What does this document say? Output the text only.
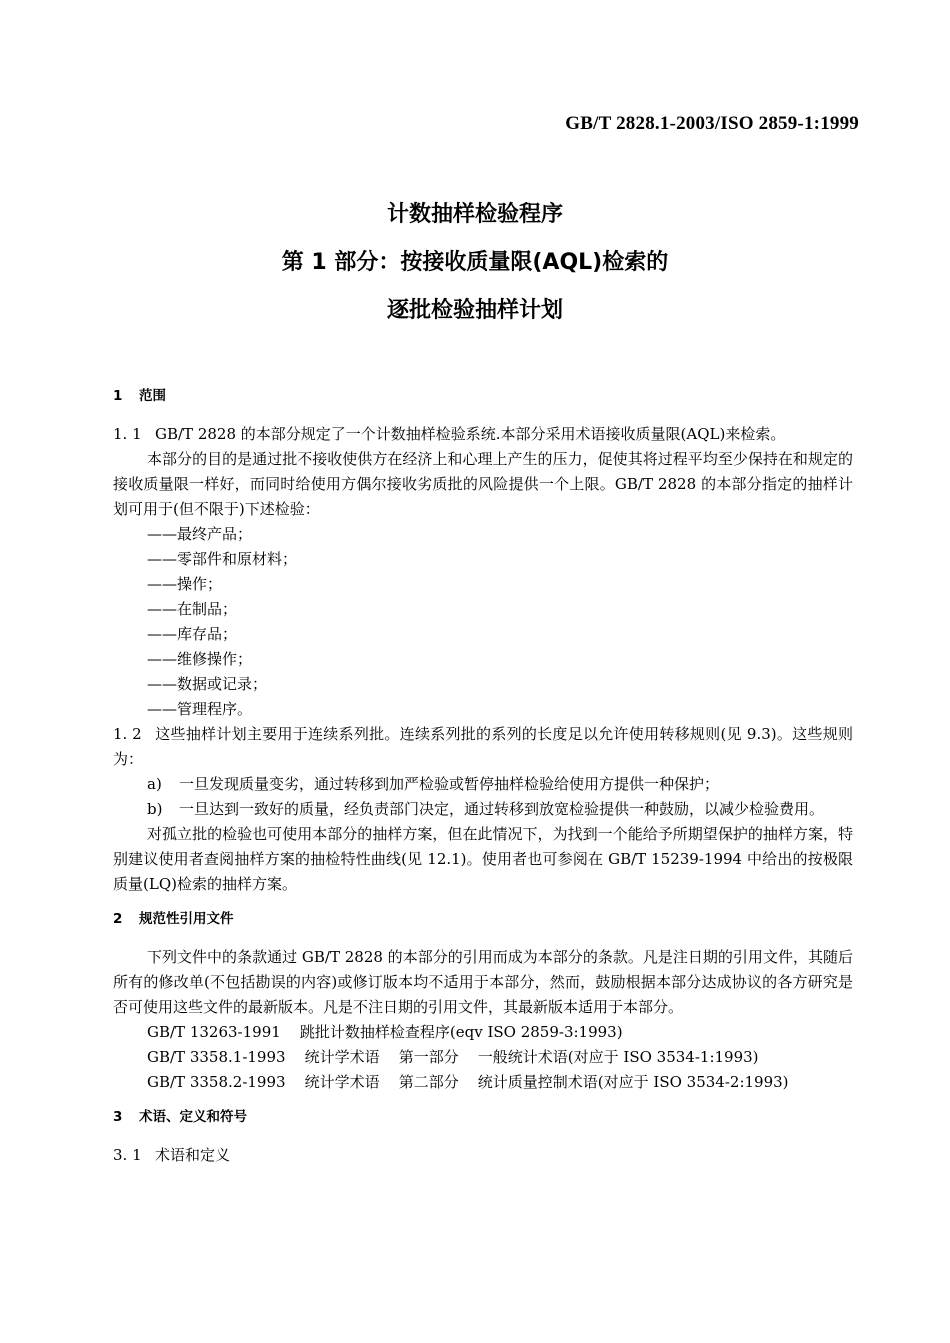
GB/T 2828.1-2003/ISO 2859-1:1999
计数抽样检验程序
第 1 部分：按接收质量限(AQL)检索的
逐批检验抽样计划
1 范围
1. 1 GB/T 2828 的本部分规定了一个计数抽样检验系统.本部分采用术语接收质量限(AQL)来检索。
本部分的目的是通过批不接收使供方在经济上和心理上产生的压力，促使其将过程平均至少保持在和规定的接收质量限一样好，而同时给使用方偶尔接收劣质批的风险提供一个上限。GB/T 2828 的本部分指定的抽样计划可用于(但不限于)下述检验：
——最终产品；
——零部件和原材料；
——操作；
——在制品；
——库存品；
——维修操作；
——数据或记录；
——管理程序。
1. 2 这些抽样计划主要用于连续系列批。连续系列批的系列的长度足以允许使用转移规则(见 9.3)。这些规则为：
a) 一旦发现质量变劣，通过转移到加严检验或暂停抽样检验给使用方提供一种保护；
b) 一旦达到一致好的质量，经负责部门决定，通过转移到放宽检验提供一种鼓励，以减少检验费用。
对孤立批的检验也可使用本部分的抽样方案，但在此情况下，为找到一个能给予所期望保护的抽样方案，特别建议使用者查阅抽样方案的抽检特性曲线(见 12.1)。使用者也可参阅在 GB/T 15239-1994 中给出的按极限质量(LQ)检索的抽样方案。
2 规范性引用文件
下列文件中的条款通过 GB/T 2828 的本部分的引用而成为本部分的条款。凡是注日期的引用文件，其随后所有的修改单(不包括勘误的内容)或修订版本均不适用于本部分，然而，鼓励根据本部分达成协议的各方研究是否可使用这些文件的最新版本。凡是不注日期的引用文件，其最新版本适用于本部分。
GB/T 13263-1991    跳批计数抽样检查程序(eqv ISO 2859-3:1993)
GB/T 3358.1-1993    统计学术语    第一部分    一般统计术语(对应于 ISO 3534-1:1993)
GB/T 3358.2-1993    统计学术语    第二部分    统计质量控制术语(对应于 ISO 3534-2:1993)
3 术语、定义和符号
3. 1 术语和定义
